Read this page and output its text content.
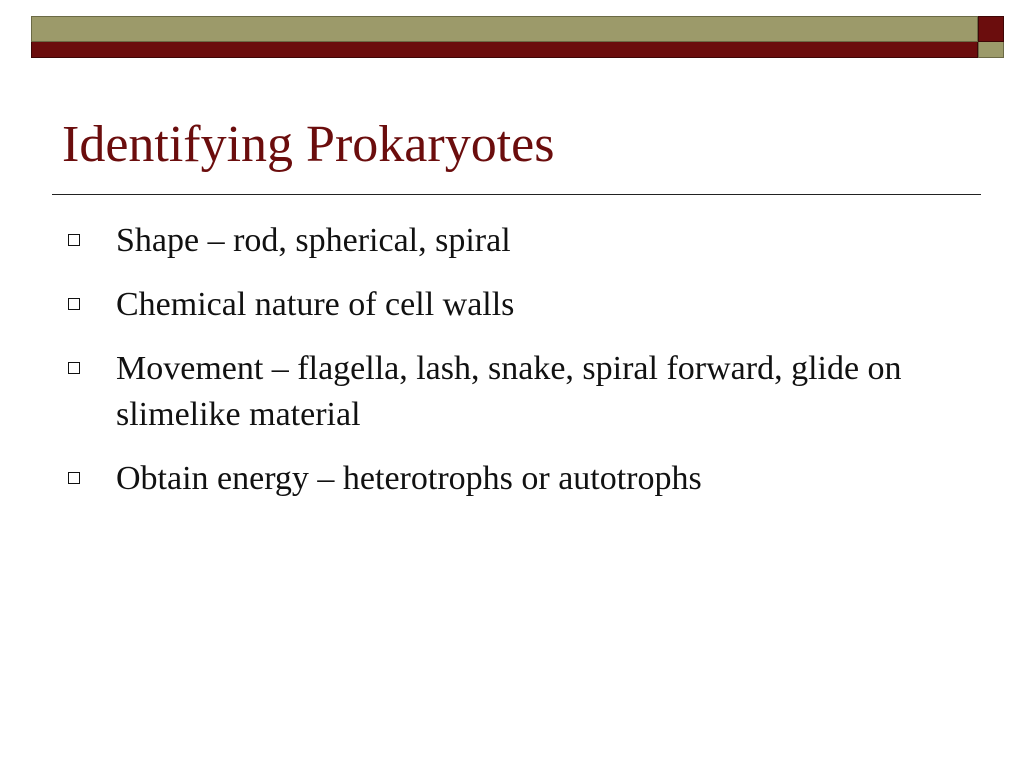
Identifying Prokaryotes
Shape – rod, spherical, spiral
Chemical nature of cell walls
Movement – flagella, lash, snake, spiral forward, glide on slimelike material
Obtain energy – heterotrophs or autotrophs
